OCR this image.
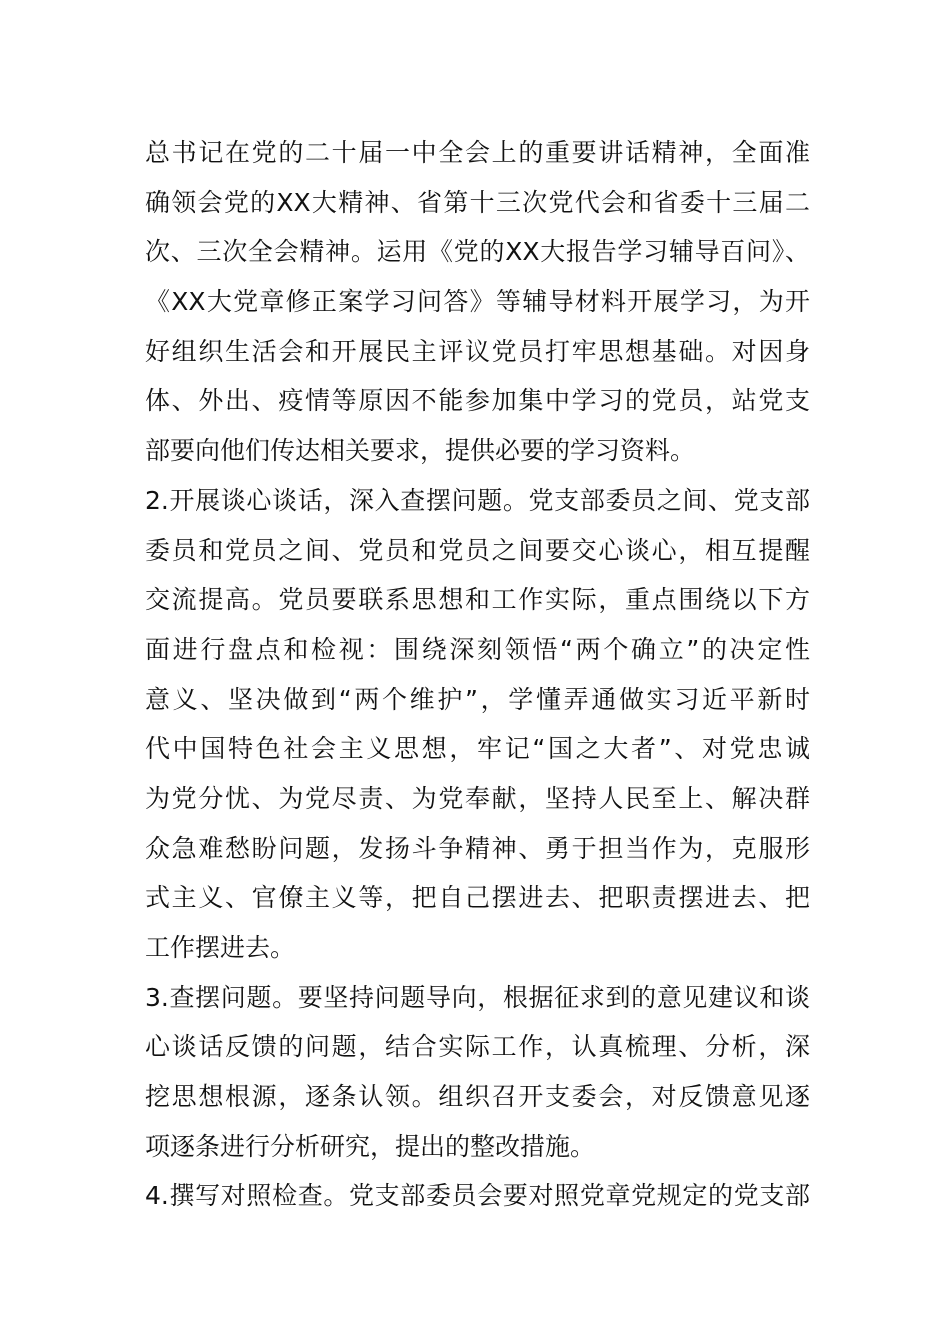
总书记在党的二十届一中全会上的重要讲话精神，全面准
确领会党的XX大精神、省第十三次党代会和省委十三届二
次、三次全会精神。运用《党的XX大报告学习辅导百问》、
《XX大党章修正案学习问答》等辅导材料开展学习，为开
好组织生活会和开展民主评议党员打牢思想基础。对因身
体、外出、疫情等原因不能参加集中学习的党员，站党支
部要向他们传达相关要求，提供必要的学习资料。
2.开展谈心谈话，深入查摆问题。党支部委员之间、党支部
委员和党员之间、党员和党员之间要交心谈心，相互提醒
交流提高。党员要联系思想和工作实际，重点围绕以下方
面进行盘点和检视：围绕深刻领悟“两个确立”的决定性
意义、坚决做到“两个维护”，学懂弄通做实习近平新时
代中国特色社会主义思想，牢记“国之大者”、对党忠诚
为党分忧、为党尽责、为党奉献，坚持人民至上、解决群
众急难愁盼问题，发扬斗争精神、勇于担当作为，克服形
式主义、官僚主义等，把自己摆进去、把职责摆进去、把
工作摆进去。
3.查摆问题。要坚持问题导向，根据征求到的意见建议和谈
心谈话反馈的问题，结合实际工作，认真梳理、分析，深
挖思想根源，逐条认领。组织召开支委会，对反馈意见逐
项逐条进行分析研究，提出的整改措施。
4.撰写对照检查。党支部委员会要对照党章党规定的党支部
